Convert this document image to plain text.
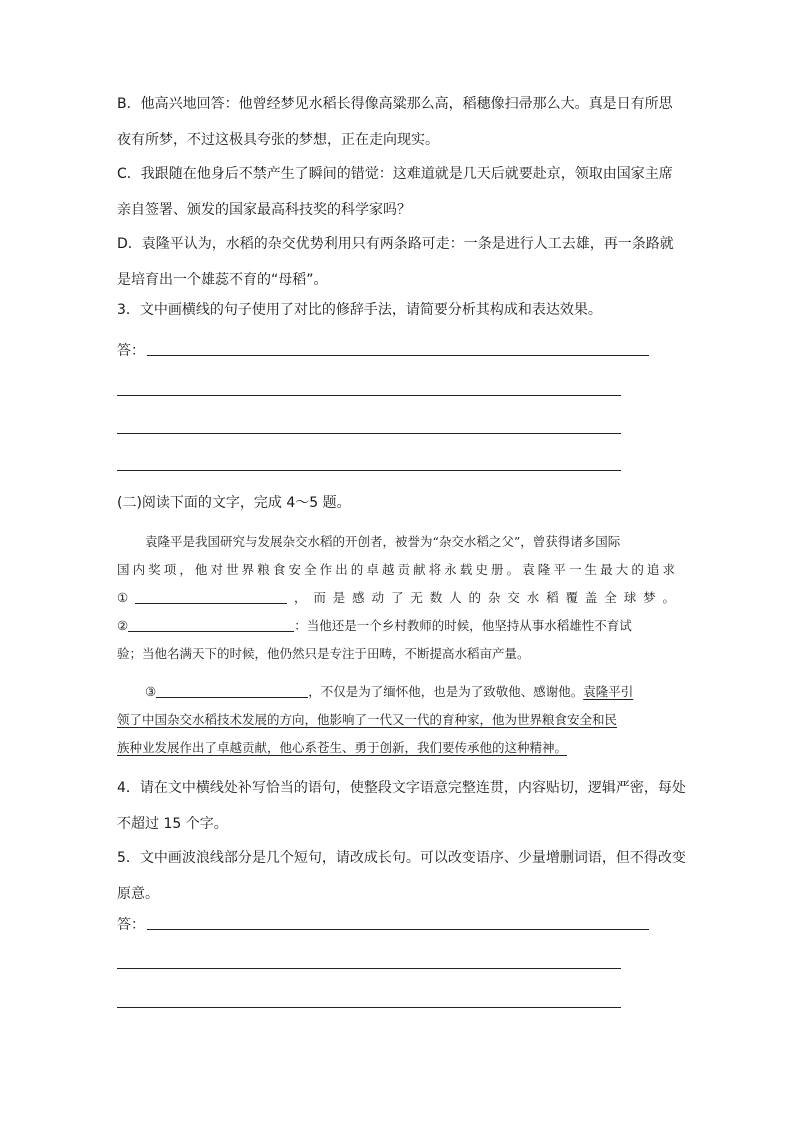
B．他高兴地回答：他曾经梦见水稻长得像高粱那么高，稻穗像扫帚那么大。真是日有所思
夜有所梦，不过这极具夸张的梦想，正在走向现实。
C．我跟随在他身后不禁产生了瞬间的错觉：这难道就是几天后就要赴京，领取由国家主席
亲自签署、颁发的国家最高科技奖的科学家吗？
D．袁隆平认为，水稻的杂交优势利用只有两条路可走：一条是进行人工去雄，再一条路就
是培育出一个雄蕊不育的“母稻”。
3．文中画横线的句子使用了对比的修辞手法，请简要分析其构成和表达效果。
答：
(二)阅读下面的文字，完成 4～5 题。
袁隆平是我国研究与发展杂交水稻的开创者，被誉为“杂交水稻之父”，曾获得诸多国际
国内奖项，他对世界粮食安全作出的卓越贡献将永载史册。袁隆平一生最大的追求
①	，而是感动了无数人的杂交水稻覆盖全球梦。
②	：当他还是一个乡村教师的时候，他坚持从事水稻雄性不育试
验；当他名满天下的时候，他仍然只是专注于田畴，不断提高水稻亩产量。
③	，不仅是为了缅怀他，也是为了致敬他、感谢他。袁隆平引
领了中国杂交水稻技术发展的方向，他影响了一代又一代的育种家，他为世界粮食安全和民
族种业发展作出了卓越贡献，他心系苍生、勇于创新，我们要传承他的这种精神。
4．请在文中横线处补写恰当的语句，使整段文字语意完整连贯，内容贴切，逻辑严密，每处
不超过 15 个字。
5．文中画波浪线部分是几个短句，请改成长句。可以改变语序、少量增删词语，但不得改变
原意。
答：
